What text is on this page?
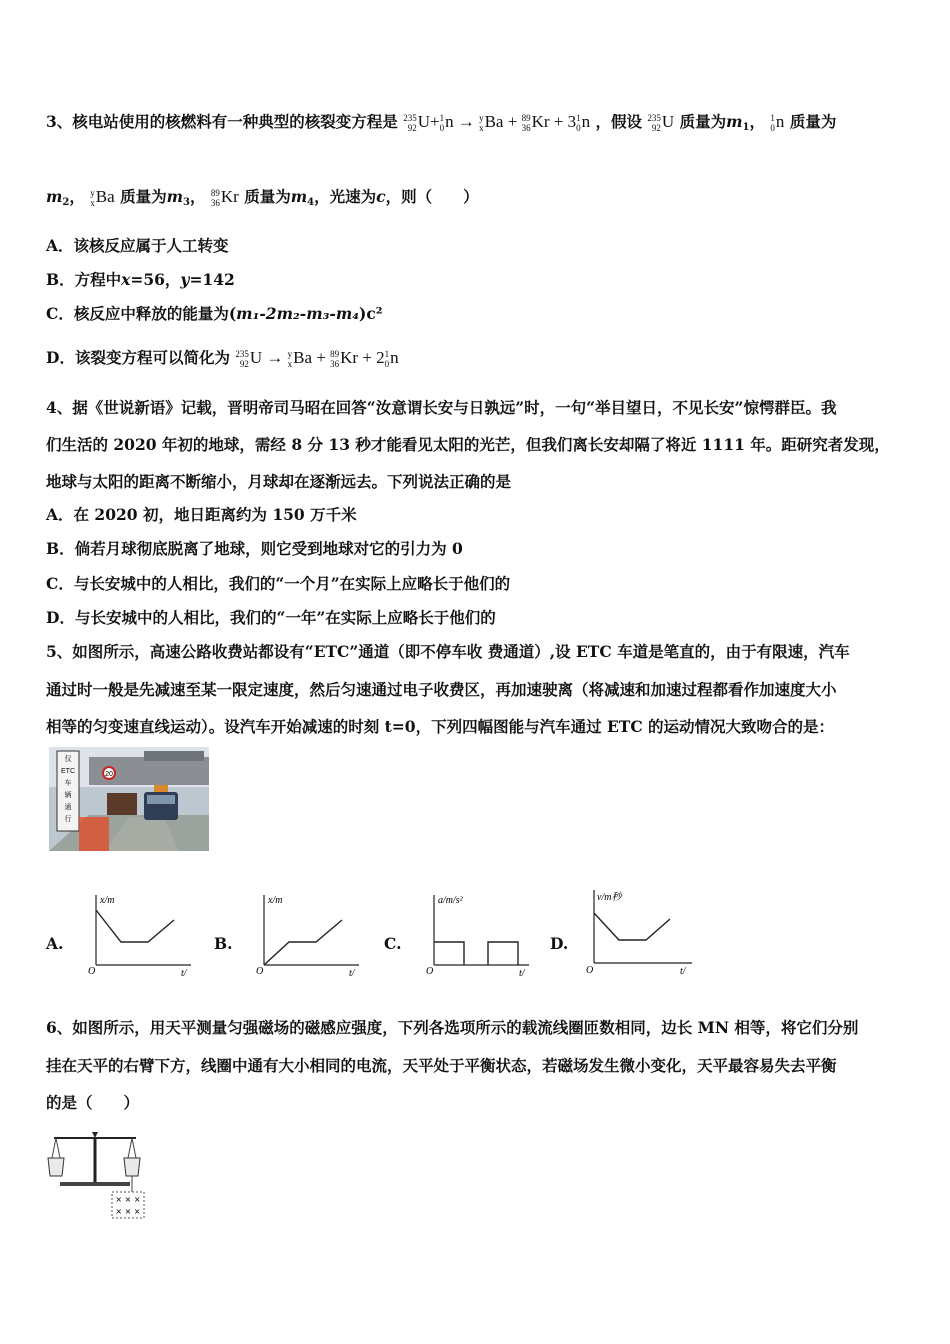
3、核电站使用的核燃料有一种典型的核裂变方程是 235
92 U+ 1
0 n → y
x Ba + 89
36 Kr + 3 1
0 n ，假设 235
92 U 质量为$m_1$， 1
0 n 质量为
$m_2$， y
x Ba 质量为$m_3$， 89
36 Kr 质量为$m_4$，光速为c，则（　　）
A．该核反应属于人工转变
B．方程中x=56，y=142
C．核反应中释放的能量为(m₁-2m₂-m₃-m₄)c²
D．该裂变方程可以简化为 235
92 U → y
x Ba + 89
36 Kr + 2 1
0 n
4、据《世说新语》记载，晋明帝司马昭在回答“汝意谓长安与日孰远”时，一句“举目望日，不见长安”惊愕群臣。我
们生活的 2020 年初的地球，需经 8 分 13 秒才能看见太阳的光芒，但我们离长安却隔了将近 1111 年。距研究者发现，
地球与太阳的距离不断缩小，月球却在逐渐远去。下列说法正确的是
A．在 2020 初，地日距离约为 150 万千米
B．倘若月球彻底脱离了地球，则它受到地球对它的引力为 0
C．与长安城中的人相比，我们的“一个月”在实际上应略长于他们的
D．与长安城中的人相比，我们的“一年”在实际上应略长于他们的
5、如图所示，高速公路收费站都设有“ETC”通道（即不停车收 费通道）,设 ETC 车道是笔直的，由于有限速，汽车
通过时一般是先减速至某一限定速度，然后匀速通过电子收费区，再加速驶离（将减速和加速过程都看作加速度大小
相等的匀变速直线运动）。设汽车开始减速的时刻 t=0，下列四幅图能与汽车通过 ETC 的运动情况大致吻合的是：
20
仅
ETC
车
辆
通
行
A.	B.	C.	D.
x/m
t/
O
x/m
t/
O
a/m/s²
t/
O
v/m秒
t/
O
6、如图所示，用天平测量匀强磁场的磁感应强度，下列各选项所示的载流线圈匝数相同，边长 MN 相等，将它们分别
挂在天平的右臂下方，线圈中通有大小相同的电流，天平处于平衡状态，若磁场发生微小变化，天平最容易失去平衡
的是（　　）
× × ×
× × ×
